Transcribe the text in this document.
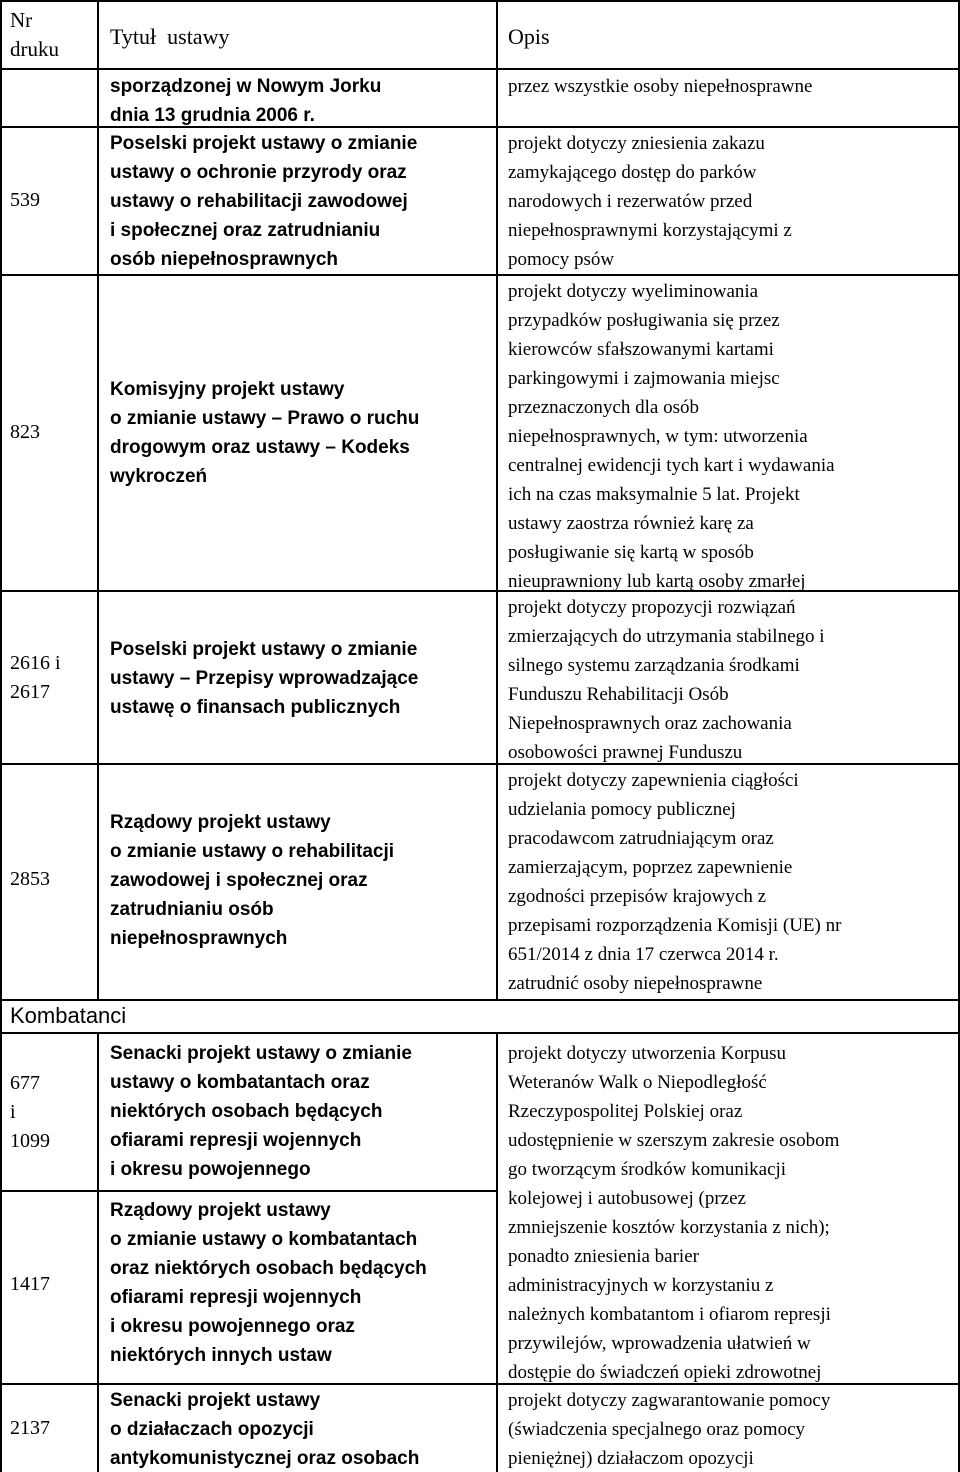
Nr
druku Tytuł  ustawy	Opis
sporządzonej w Nowym Jorku
dnia 13 grudnia 2006 r.
przez wszystkie osoby niepełnosprawne
539
Poselski projekt ustawy o zmianie
ustawy o ochronie przyrody oraz
ustawy o rehabilitacji zawodowej
i społecznej oraz zatrudnianiu
osób niepełnosprawnych
projekt dotyczy zniesienia zakazu
zamykającego dostęp do parków
narodowych i rezerwatów przed
niepełnosprawnymi korzystającymi z
pomocy psów
823
Komisyjny projekt ustawy
o zmianie ustawy – Prawo o ruchu
drogowym oraz ustawy – Kodeks
wykroczeń
projekt dotyczy wyeliminowania
przypadków posługiwania się przez
kierowców sfałszowanymi kartami
parkingowymi i zajmowania miejsc
przeznaczonych dla osób
niepełnosprawnych, w tym: utworzenia
centralnej ewidencji tych kart i wydawania
ich na czas maksymalnie 5 lat. Projekt
ustawy zaostrza również karę za
posługiwanie się kartą w sposób
nieuprawniony lub kartą osoby zmarłej
2616 i
2617
Poselski projekt ustawy o zmianie
ustawy – Przepisy wprowadzające
ustawę o finansach publicznych
projekt dotyczy propozycji rozwiązań
zmierzających do utrzymania stabilnego i
silnego systemu zarządzania środkami
Funduszu Rehabilitacji Osób
Niepełnosprawnych oraz zachowania
osobowości prawnej Funduszu
2853
Rządowy projekt ustawy
o zmianie ustawy o rehabilitacji
zawodowej i społecznej oraz
zatrudnianiu osób
niepełnosprawnych
projekt dotyczy zapewnienia ciągłości
udzielania pomocy publicznej
pracodawcom zatrudniającym oraz
zamierzającym, poprzez zapewnienie
zgodności przepisów krajowych z
przepisami rozporządzenia Komisji (UE) nr
651/2014 z dnia 17 czerwca 2014 r.
zatrudnić osoby niepełnosprawne
Kombatanci
677
i
1099
Senacki projekt ustawy o zmianie
ustawy o kombatantach oraz
niektórych osobach będących
ofiarami represji wojennych
i okresu powojennego
1417
Rządowy projekt ustawy
o zmianie ustawy o kombatantach
oraz niektórych osobach będących
ofiarami represji wojennych
i okresu powojennego oraz
niektórych innych ustaw
2137
Senacki projekt ustawy
o działaczach opozycji
antykomunistycznej oraz osobach
projekt dotyczy utworzenia Korpusu
Weteranów Walk o Niepodległość
Rzeczypospolitej Polskiej oraz
udostępnienie w szerszym zakresie osobom
go tworzącym środków komunikacji
kolejowej i autobusowej (przez
zmniejszenie kosztów korzystania z nich);
ponadto zniesienia barier
administracyjnych w korzystaniu z
należnych kombatantom i ofiarom represji
przywilejów, wprowadzenia ułatwień w
dostępie do świadczeń opieki zdrowotnej
projekt dotyczy zagwarantowanie pomocy
(świadczenia specjalnego oraz pomocy
pieniężnej) działaczom opozycji
